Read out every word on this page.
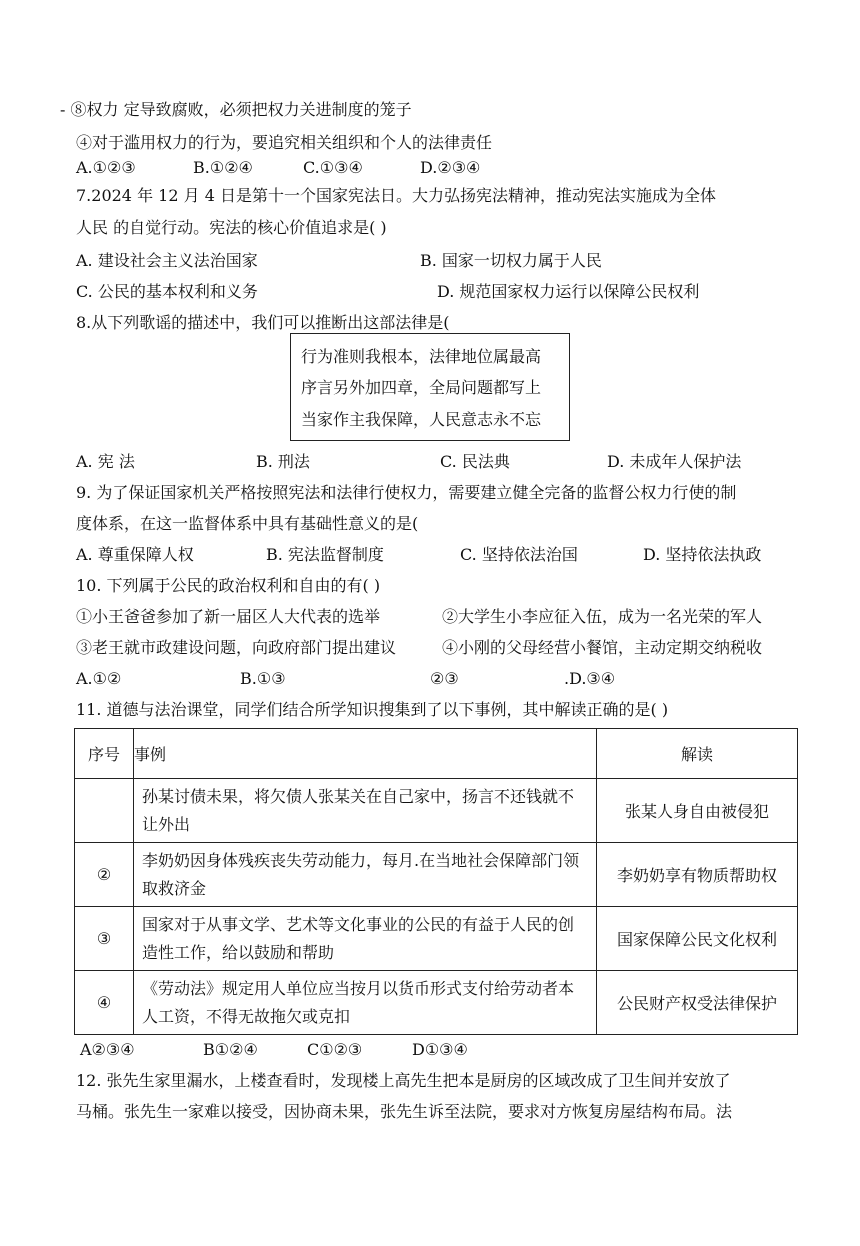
- ⑧权力 定导致腐败，必须把权力关进制度的笼子
④对于滥用权力的行为，要追究相关组织和个人的法律责任
A.①②③	B.①②④	C.①③④	D.②③④
7.2024 年 12 月 4 日是第十一个国家宪法日。大力弘扬宪法精神，推动宪法实施成为全体
人民 的自觉行动。宪法的核心价值追求是( )
A. 建设社会主义法治国家	B. 国家一切权力属于人民
C. 公民的基本权利和义务	D. 规范国家权力运行以保障公民权利
8.从下列歌谣的描述中，我们可以推断出这部法律是(
行为准则我根本，法律地位属最高
序言另外加四章，全局问题都写上
当家作主我保障，人民意志永不忘
A. 宪 法	B. 刑法	C. 民法典	D. 未成年人保护法
9. 为了保证国家机关严格按照宪法和法律行使权力，需要建立健全完备的监督公权力行使的制
度体系，在这一监督体系中具有基础性意义的是(
A. 尊重保障人权	B. 宪法监督制度	C. 坚持依法治国	D. 坚持依法执政
10. 下列属于公民的政治权利和自由的有( )
①小王爸爸参加了新一届区人大代表的选举	②大学生小李应征入伍，成为一名光荣的军人
③老王就市政建设问题，向政府部门提出建议	④小刚的父母经营小餐馆，主动定期交纳税收
A.①②	B.①③	②③	.D.③④
11. 道德与法治课堂，同学们结合所学知识搜集到了以下事例，其中解读正确的是( )
序号	事例	解读

	孙某讨债未果，将欠债人张某关在自己家中，扬言不还钱就不让外出	张某人身自由被侵犯
②	李奶奶因身体残疾丧失劳动能力，每月.在当地社会保障部门领取救济金	李奶奶享有物质帮助权
③	国家对于从事文学、艺术等文化事业的公民的有益于人民的创造性工作，给以鼓励和帮助	国家保障公民文化权利
④	《劳动法》规定用人单位应当按月以货币形式支付给劳动者本人工资，不得无故拖欠或克扣	公民财产权受法律保护
A②③④	B①②④	C①②③	D①③④
12. 张先生家里漏水，上楼查看时，发现楼上高先生把本是厨房的区域改成了卫生间并安放了
马桶。张先生一家难以接受，因协商未果，张先生诉至法院，要求对方恢复房屋结构布局。法
